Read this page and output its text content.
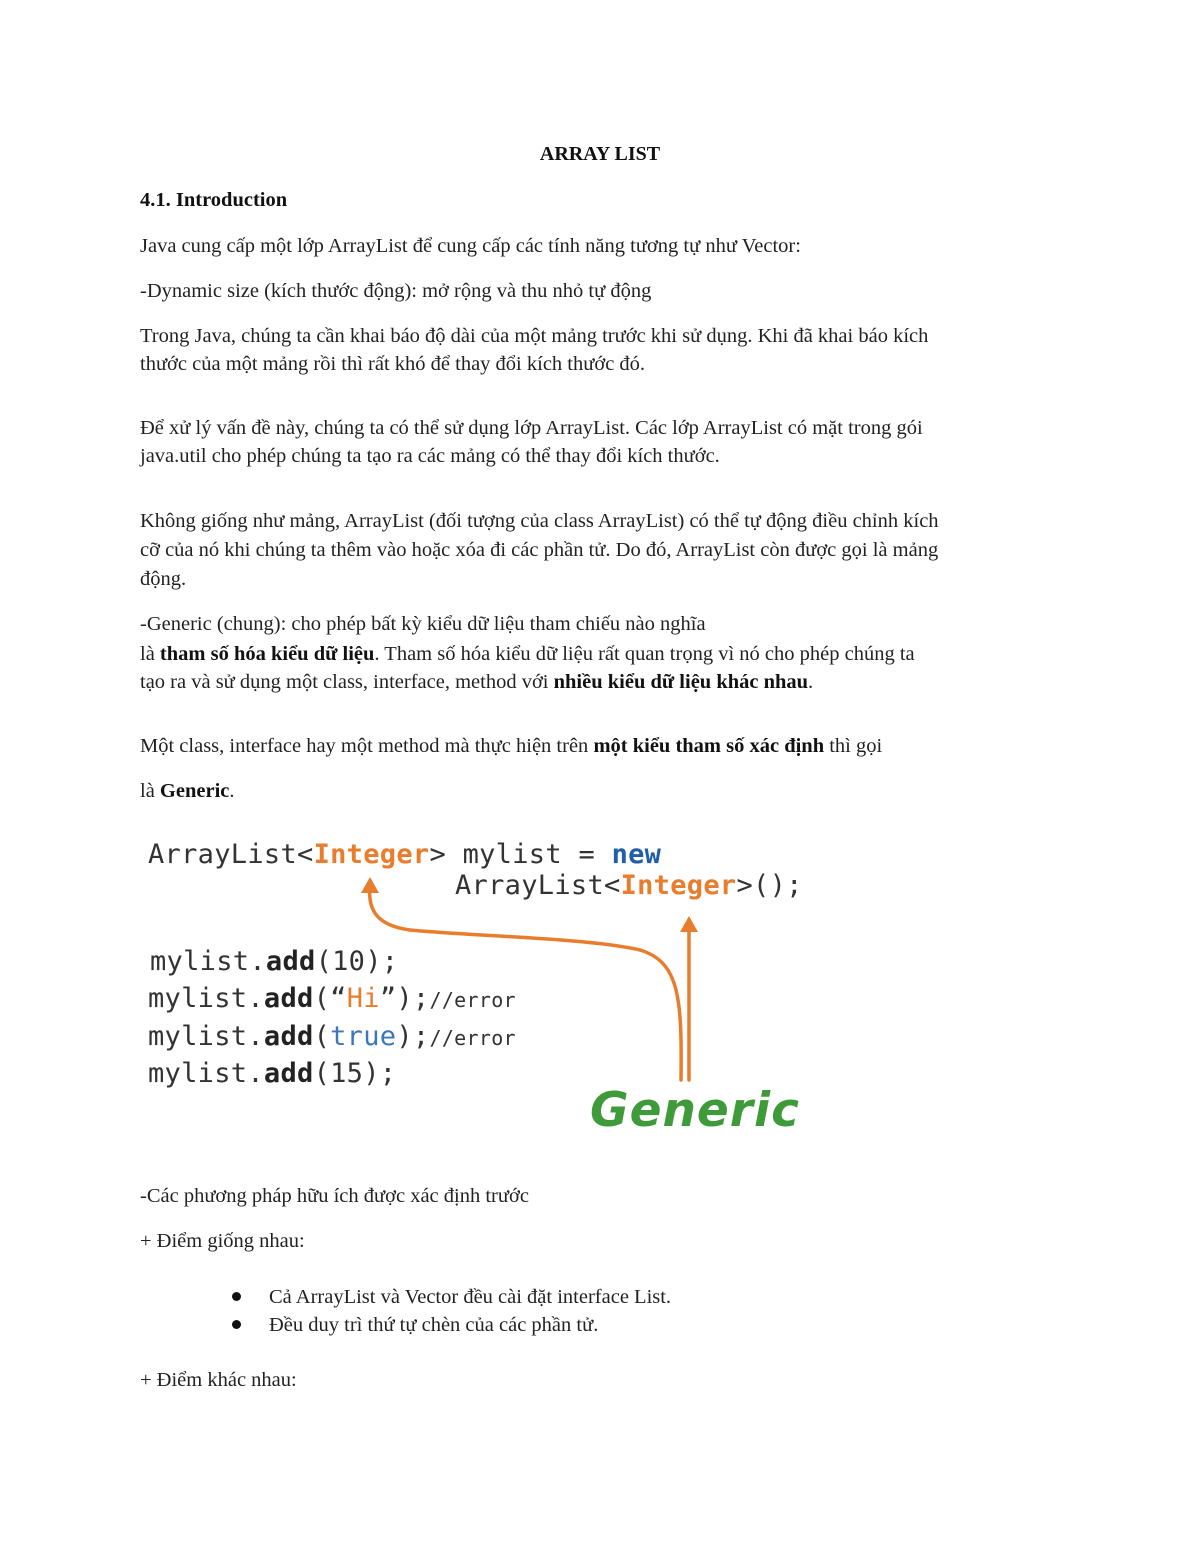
ARRAY LIST
4.1. Introduction
Java cung cấp một lớp ArrayList để cung cấp các tính năng tương tự như Vector:
-Dynamic size (kích thước động): mở rộng và thu nhỏ tự động
Trong Java, chúng ta cần khai báo độ dài của một mảng trước khi sử dụng. Khi đã khai báo kích
thước của một mảng rồi thì rất khó để thay đổi kích thước đó.
Để xử lý vấn đề này, chúng ta có thể sử dụng lớp ArrayList. Các lớp ArrayList có mặt trong gói
java.util cho phép chúng ta tạo ra các mảng có thể thay đổi kích thước.
Không giống như mảng, ArrayList (đối tượng của class ArrayList) có thể tự động điều chỉnh kích
cỡ của nó khi chúng ta thêm vào hoặc xóa đi các phần tử. Do đó, ArrayList còn được gọi là mảng
động.
-Generic (chung): cho phép bất kỳ kiểu dữ liệu tham chiếu nào nghĩa
là tham số hóa kiểu dữ liệu. Tham số hóa kiểu dữ liệu rất quan trọng vì nó cho phép chúng ta
tạo ra và sử dụng một class, interface, method với nhiều kiểu dữ liệu khác nhau.
Một class, interface hay một method mà thực hiện trên một kiểu tham số xác định thì gọi
là Generic.
ArrayList<Integer> mylist = new
ArrayList<Integer>();
mylist.add(10);
mylist.add(“Hi”);//error
mylist.add(true);//error
mylist.add(15);
Generic
-Các phương pháp hữu ích được xác định trước
+ Điểm giống nhau:
Cả ArrayList và Vector đều cài đặt interface List.
Đều duy trì thứ tự chèn của các phần tử.
+ Điểm khác nhau:
